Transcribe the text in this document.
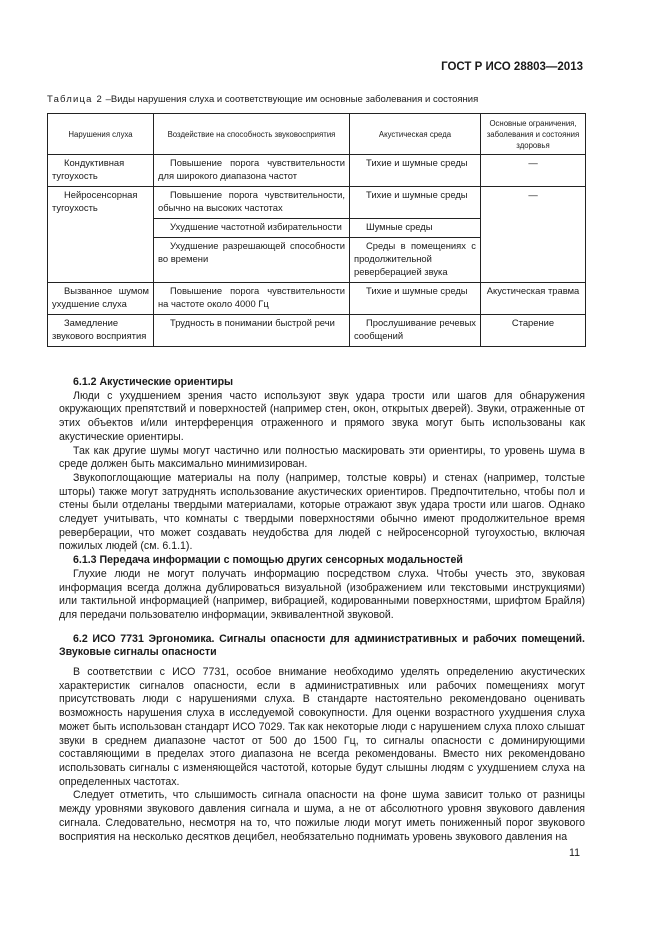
ГОСТ Р ИСО 28803—2013
Таблица 2 –Виды нарушения слуха и соответствующие им основные заболевания и состояния
Нарушения слуха	Воздействие на способность звуковосприятия	Акустическая среда	Основные ограничения, заболевания и состояния здоровья
Кондуктивная тугоухость	Повышение порога чувствительности для широкого диапазона частот	Тихие и шумные среды	—
Нейросенсорная тугоухость	Повышение порога чувствительности, обычно на высоких частотах	Тихие и шумные среды	—
	Ухудшение частотной избирательности	Шумные среды	
	Ухудшение разрешающей способности во времени	Среды в помещениях с продолжительной реверберацией звука	
Вызванное шумом ухудшение слуха	Повышение порога чувствительности на частоте около 4000 Гц	Тихие и шумные среды	Акустическая травма
Замедление звукового восприятия	Трудность в понимании быстрой речи	Прослушивание речевых сообщений	Старение
6.1.2 Акустические ориентиры

Люди с ухудшением зрения часто используют звук удара трости или шагов для обнаружения окружающих препятствий и поверхностей (например стен, окон, открытых дверей). Звуки, отраженные от этих объектов и/или интерференция отраженного и прямого звука могут быть использованы как акустические ориентиры.

Так как другие шумы могут частично или полностью маскировать эти ориентиры, то уровень шума в среде должен быть максимально минимизирован.

Звукопоглощающие материалы на полу (например, толстые ковры) и стенах (например, толстые шторы) также могут затруднять использование акустических ориентиров. Предпочтительно, чтобы пол и стены были отделаны твердыми материалами, которые отражают звук удара трости или шагов. Однако следует учитывать, что комнаты с твердыми поверхностями обычно имеют продолжительное время реверберации, что может создавать неудобства для людей с нейросенсорной тугоухостью, включая пожилых людей (см. 6.1.1).

6.1.3 Передача информации с помощью других сенсорных модальностей

Глухие люди не могут получать информацию посредством слуха. Чтобы учесть это, звуковая информация всегда должна дублироваться визуальной (изображением или текстовыми инструкциями) или тактильной информацией (например, вибрацией, кодированными поверхностями, шрифтом Брайля) для передачи пользователю информации, эквивалентной звуковой.

6.2 ИСО 7731 Эргономика. Сигналы опасности для административных и рабочих помещений. Звуковые сигналы опасности

В соответствии с ИСО 7731, особое внимание необходимо уделять определению акустических характеристик сигналов опасности, если в административных или рабочих помещениях могут присутствовать люди с нарушениями слуха. В стандарте настоятельно рекомендовано оценивать возможность нарушения слуха в исследуемой совокупности. Для оценки возрастного ухудшения слуха может быть использован стандарт ИСО 7029. Так как некоторые люди с нарушением слуха плохо слышат звуки в среднем диапазоне частот от 500 до 1500 Гц, то сигналы опасности с доминирующими составляющими в пределах этого диапазона не всегда рекомендованы. Вместо них рекомендовано использовать сигналы с изменяющейся частотой, которые будут слышны людям с ухудшением слуха на определенных частотах.

Следует отметить, что слышимость сигнала опасности на фоне шума зависит только от разницы между уровнями звукового давления сигнала и шума, а не от абсолютного уровня звукового давления сигнала. Следовательно, несмотря на то, что пожилые люди могут иметь пониженный порог звукового восприятия на несколько десятков децибел, необязательно поднимать уровень звукового давления на

11
